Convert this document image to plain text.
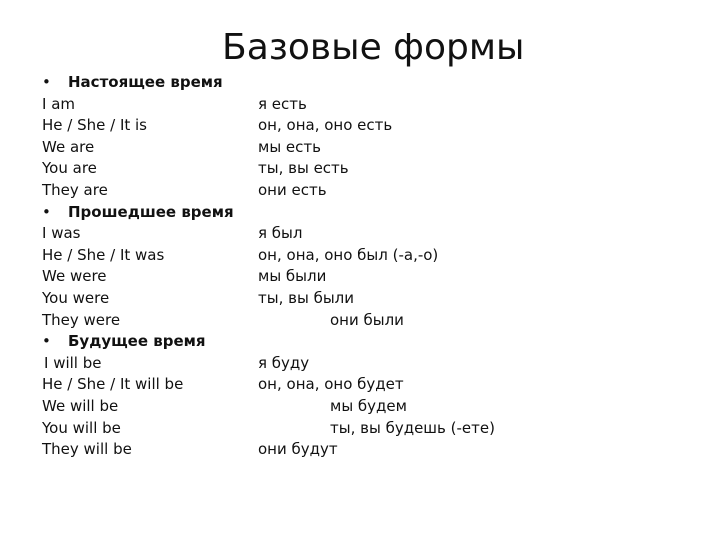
Базовые формы
• Настоящее время
I am
He / She / It is
We are
You are
They are
• Прошедшее время
I was
He / She / It was
We were
You were
They were
• Будущее время
I will be
He / She / It will be
We will be
You will be
They will be
я есть
он, она, оно есть
мы есть
ты, вы есть
они есть
я был
он, она, оно был (-а,-о)
мы были
ты, вы были
они были
я буду
он, она, оно будет
мы будем
ты, вы будешь (-ете)
они будут
